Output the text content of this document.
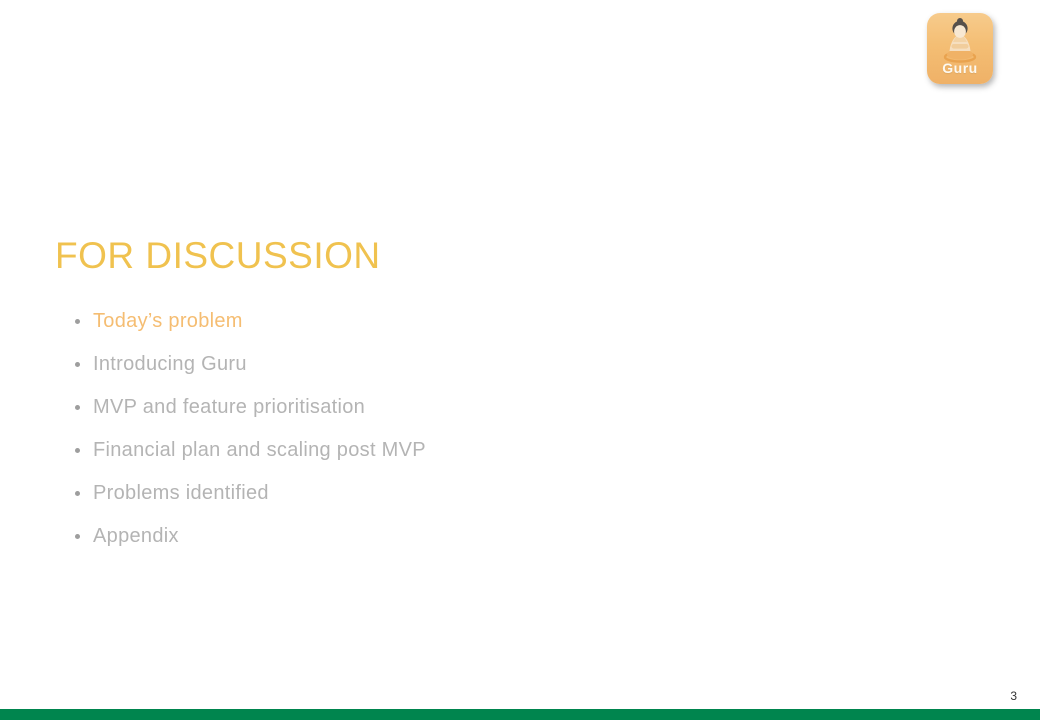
Guru
FOR DISCUSSION
Today’s problem
Introducing Guru
MVP and feature prioritisation
Financial plan and scaling post MVP
Problems identified
Appendix
3
